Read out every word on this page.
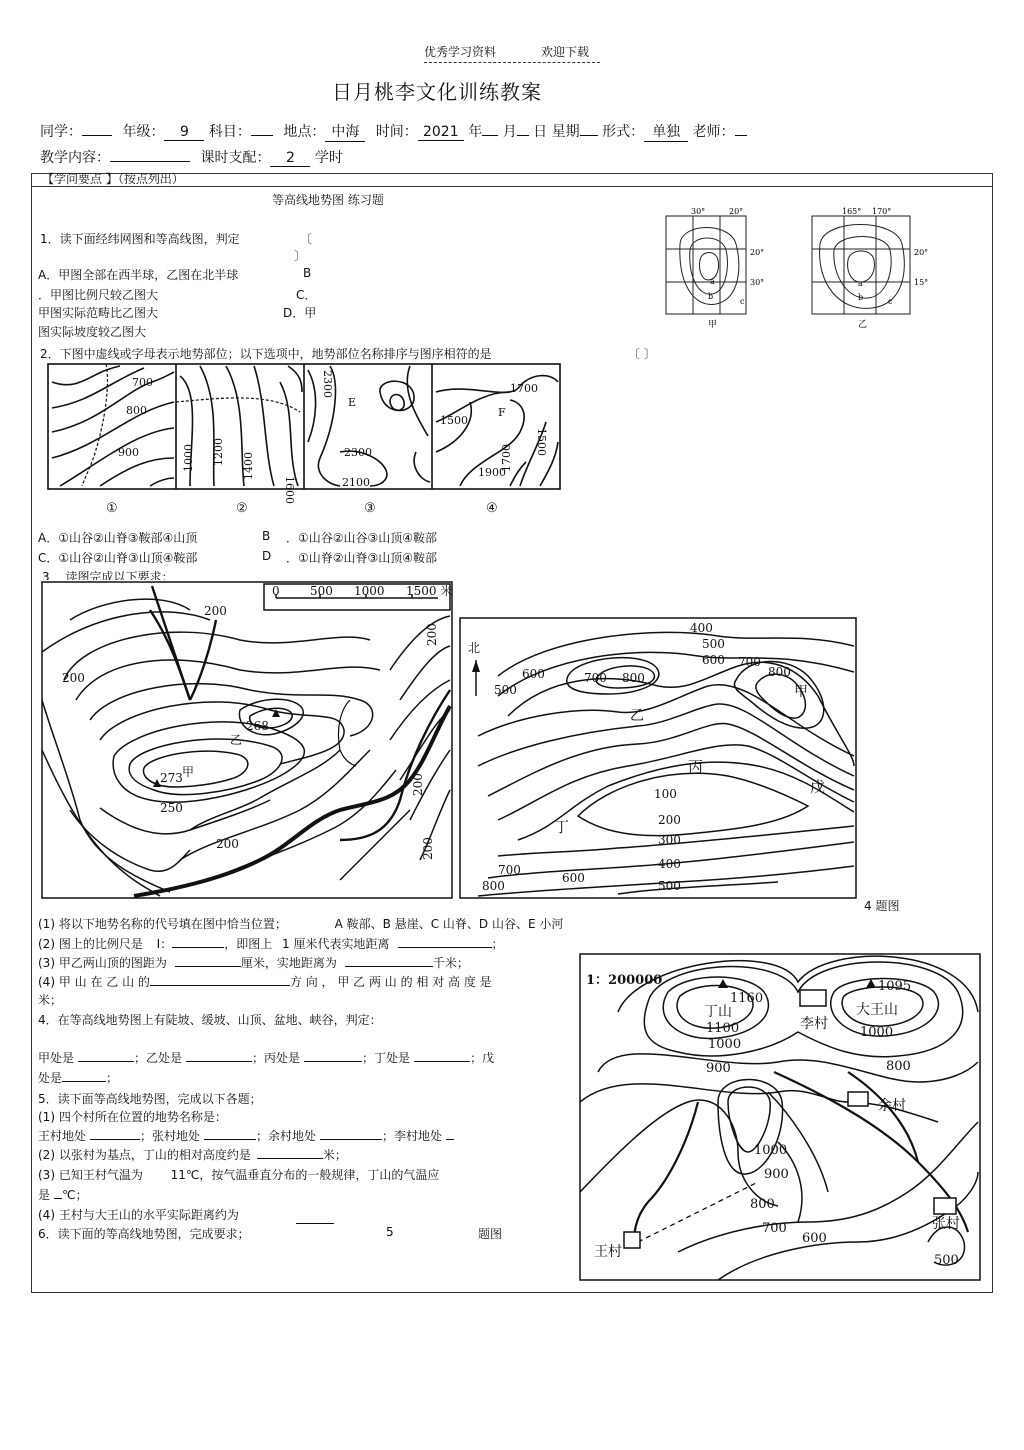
优秀学习资料	欢迎下载
日月桃李文化训练教案
同学：	年级： 9 科目： 地点： 中海 时间： 2021 年 月 日 星期 形式： 单独 老师：
教学内容：	课时支配： 2 学时
【学问要点 】（按点列出）
等高线地势图 练习题
1．读下面经纬网图和等高线图，判定	〔
〕
A．甲图全部在西半球，乙图在北半球	B
．甲图比例尺较乙图大	C．
甲图实际范畴比乙图大	D．甲
图实际坡度较乙图大
30°	20°
20°
30°
a
b
c
甲
165° 170°
20°
15°
a
b	c
乙
2．下图中虚线或字母表示地势部位；以下选项中，地势部位名称排序与图序相符的是	〔 〕
700
800
900	1000 1200 1400
1600
2300
E
2300
2100
1700
F
1500
1700
1900
1500
①	②	③	④
A．①山谷②山脊③鞍部④山顶	B ．①山谷②山谷③山顶④鞍部
C．①山谷②山脊③山顶④鞍部	D ．①山脊②山脊③山顶④鞍部
3． 读图完成以下要求：
0	500 1000 1500 米
200
200
200
200
200
268
乙
273 甲
250
200
北
400
500
600 700
800
700 800
600
500
乙
甲
丙
戊
丁
100
200
300
400
500
700
600
800
4 题图
(1) 将以下地势名称的代号填在图中恰当位置；	A 鞍部、B 悬崖、C 山脊、D 山谷、E 小河
(2) 图上的比例尺是 I：	，即图上 1 厘米代表实地距离	；
(3) 甲乙两山顶的图距为	厘米，实地距离为	千米；
(4) 甲 山 在 乙 山 的	方 向 ， 甲 乙 两 山 的 相 对 高 度 是
米；
4．在等高线地势图上有陡坡、缓坡、山顶、盆地、峡谷，判定：
甲处是	；乙处是	；丙处是	；丁处是	；戊
处是	；
5．读下面等高线地势图，完成以下各题；
(1) 四个村所在位置的地势名称是：
王村地处	；张村地处	；余村地处	；李村地处
(2) 以张村为基点，丁山的相对高度约是	米；
(3) 已知王村气温为 11℃，按气温垂直分布的一般规律，丁山的气温应
是 ℃；
(4) 王村与大王山的水平实际距离约为
5	题图
6．读下面的等高线地势图，完成要求；
1：200000
丁山
1160
大王山
1095
李村
余村
张村
王村
1100	1000
1000
900	800
1000
900
800
700
600
500
